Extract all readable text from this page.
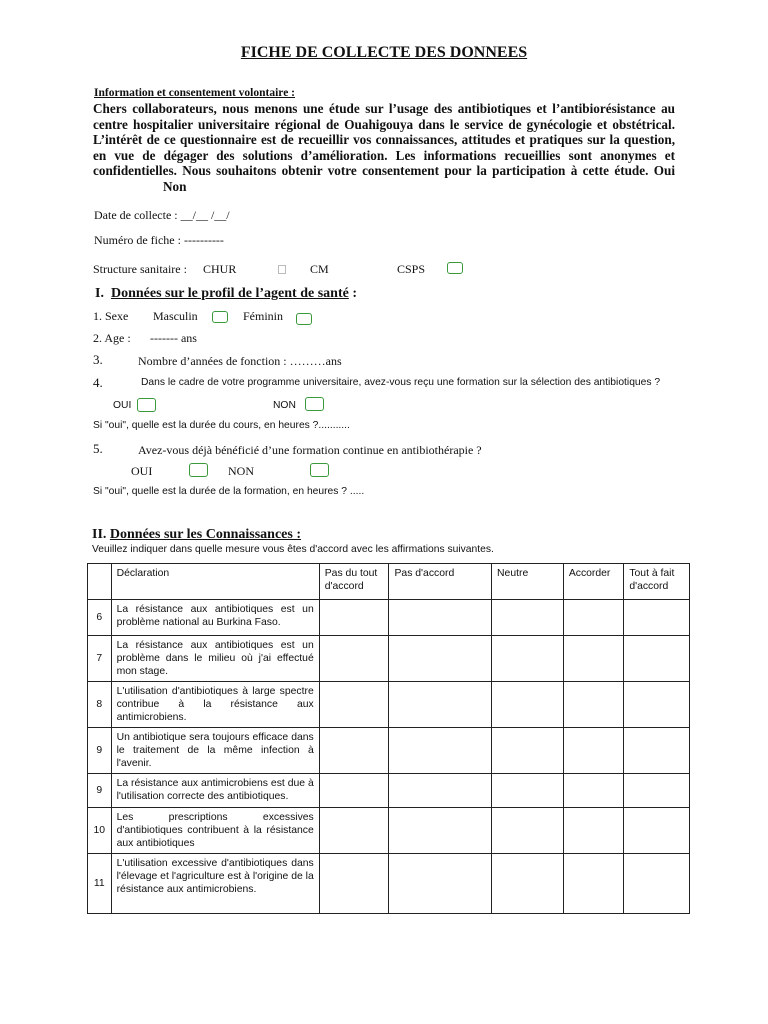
FICHE DE COLLECTE DES DONNEES
Information et consentement volontaire :
Chers collaborateurs, nous menons une étude sur l’usage des antibiotiques et l’antibiorésistance au centre hospitalier universitaire régional de Ouahigouya dans le service de gynécologie et obstétrical. L’intérêt de ce questionnaire est de recueillir vos connaissances, attitudes et pratiques sur la question, en vue de dégager des solutions d’amélioration. Les informations recueillies sont anonymes et confidentielles. Nous souhaitons obtenir votre consentement pour la participation à cette étude. OuiNon
Date de collecte : __/__ /__/
Numéro de fiche : ----------
Structure sanitaire : CHUR	CM	CSPS
I. Données sur le profil de l’agent de santé :
1. Sexe Masculin	Féminin
2. Age : ------- ans
3.	Nombre d’années de fonction : ………ans
4.	Dans le cadre de votre programme universitaire, avez-vous reçu une formation sur la sélection des antibiotiques ?
OUI	NON
Si "oui", quelle est la durée du cours, en heures ?...........
5.	Avez-vous déjà bénéficié d’une formation continue en antibiothérapie ?
OUI	NON
Si "oui", quelle est la durée de la formation, en heures ? .....
II. Données sur les Connaissances :
Veuillez indiquer dans quelle mesure vous êtes d'accord avec les affirmations suivantes.
	Déclaration	Pas du tout d'accord	Pas d'accord	Neutre	Accorder	Tout à fait d'accord
6	La résistance aux antibiotiques est un problème national au Burkina Faso.					
7	La résistance aux antibiotiques est un problème dans le milieu où j'ai effectué mon stage.					
8	L'utilisation d'antibiotiques à large spectre contribue à la résistance aux antimicrobiens.					
9	Un antibiotique sera toujours efficace dans le traitement de la même infection à l'avenir.					
9	La résistance aux antimicrobiens est due à l'utilisation correcte des antibiotiques.					
10	Les prescriptions excessives d'antibiotiques contribuent à la résistance aux antibiotiques					
11	L'utilisation excessive d'antibiotiques dans l'élevage et l'agriculture est à l'origine de la résistance aux antimicrobiens.					
